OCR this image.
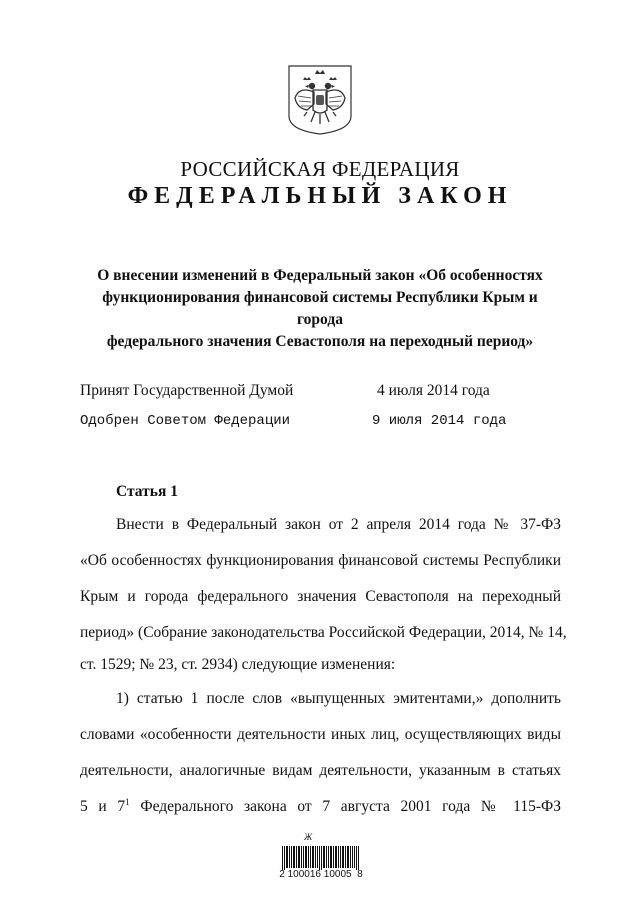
РОССИЙСКАЯ ФЕДЕРАЦИЯ
ФЕДЕРАЛЬНЫЙ ЗАКОН
О внесении изменений в Федеральный закон «Об особенностях
функционирования финансовой системы Республики Крым и города
федерального значения Севастополя на переходный период»
Принят Государственной Думой	4 июля 2014 года
Одобрен Советом Федерации	9 июля 2014 года
Статья 1
Внести в Федеральный закон от 2 апреля 2014 года № 37-ФЗ
«Об особенностях функционирования финансовой системы Республики
Крым и города федерального значения Севастополя на переходный
период» (Собрание законодательства Российской Федерации, 2014, № 14,
ст. 1529; № 23, ст. 2934) следующие изменения:
1) статью 1 после слов «выпущенных эмитентами,» дополнить
словами «особенности деятельности иных лиц, осуществляющих виды
деятельности, аналогичные видам деятельности, указанным в статьях
5 и $7^1$ Федерального закона от 7 августа 2001 года № 115-ФЗ
Ж
2 100016 10005  8
